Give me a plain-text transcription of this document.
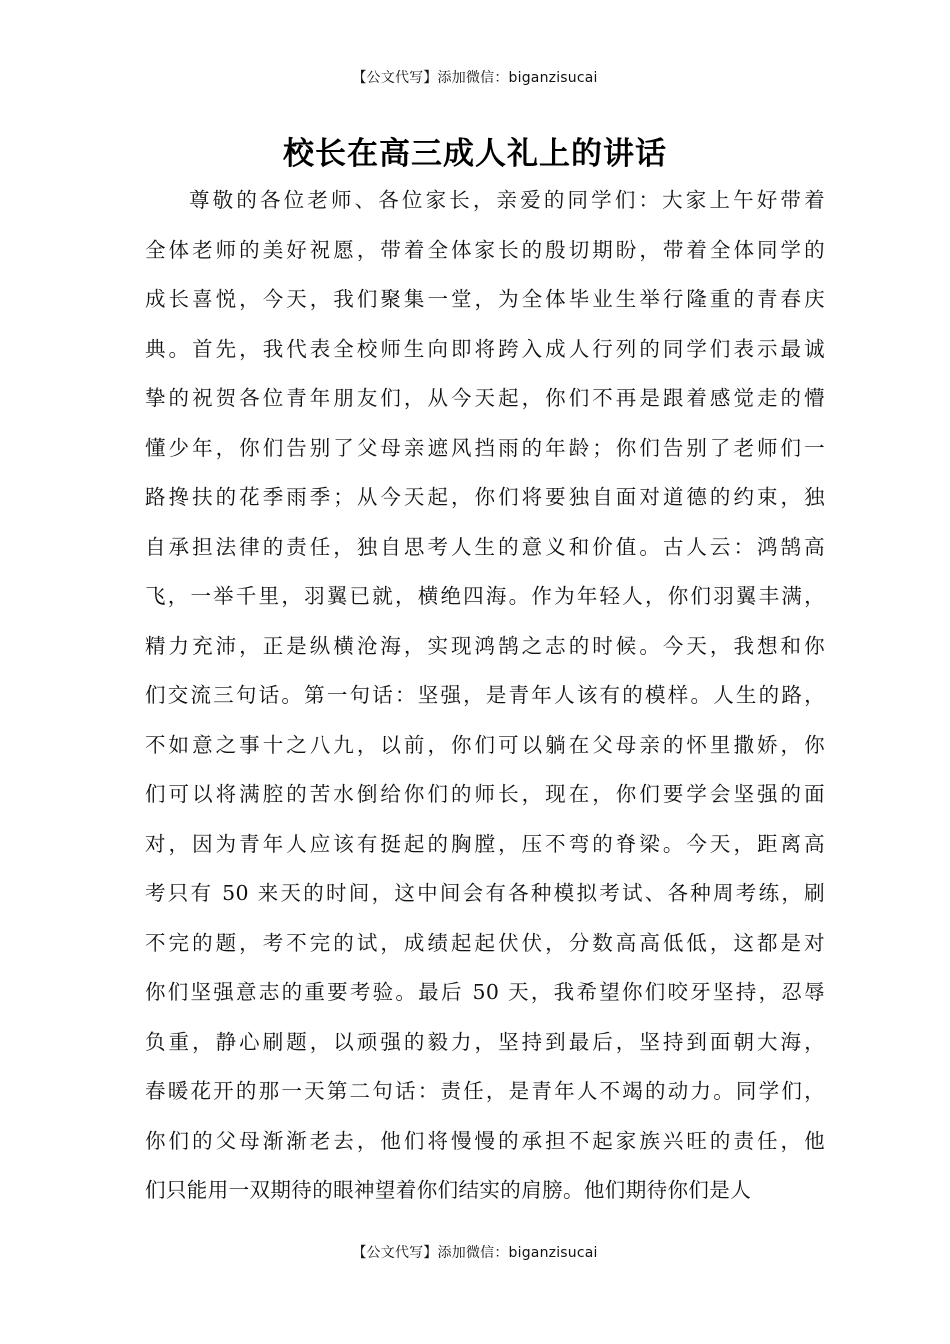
【公文代写】添加微信：biganzisucai
校长在高三成人礼上的讲话
尊敬的各位老师、各位家长，亲爱的同学们：大家上午好带着
全体老师的美好祝愿，带着全体家长的殷切期盼，带着全体同学的
成长喜悦，今天，我们聚集一堂，为全体毕业生举行隆重的青春庆
典。首先，我代表全校师生向即将跨入成人行列的同学们表示最诚
挚的祝贺各位青年朋友们，从今天起，你们不再是跟着感觉走的懵
懂少年，你们告别了父母亲遮风挡雨的年龄；你们告别了老师们一
路搀扶的花季雨季；从今天起，你们将要独自面对道德的约束，独
自承担法律的责任，独自思考人生的意义和价值。古人云：鸿鹄高
飞，一举千里，羽翼已就，横绝四海。作为年轻人，你们羽翼丰满，
精力充沛，正是纵横沧海，实现鸿鹄之志的时候。今天，我想和你
们交流三句话。第一句话：坚强，是青年人该有的模样。人生的路，
不如意之事十之八九，以前，你们可以躺在父母亲的怀里撒娇，你
们可以将满腔的苦水倒给你们的师长，现在，你们要学会坚强的面
对，因为青年人应该有挺起的胸膛，压不弯的脊梁。今天，距离高
考只有 50 来天的时间，这中间会有各种模拟考试、各种周考练，刷
不完的题，考不完的试，成绩起起伏伏，分数高高低低，这都是对
你们坚强意志的重要考验。最后 50 天，我希望你们咬牙坚持，忍辱
负重，静心刷题，以顽强的毅力，坚持到最后，坚持到面朝大海，
春暖花开的那一天第二句话：责任，是青年人不竭的动力。同学们，
你们的父母渐渐老去，他们将慢慢的承担不起家族兴旺的责任，他
们只能用一双期待的眼神望着你们结实的肩膀。他们期待你们是人
【公文代写】添加微信：biganzisucai
